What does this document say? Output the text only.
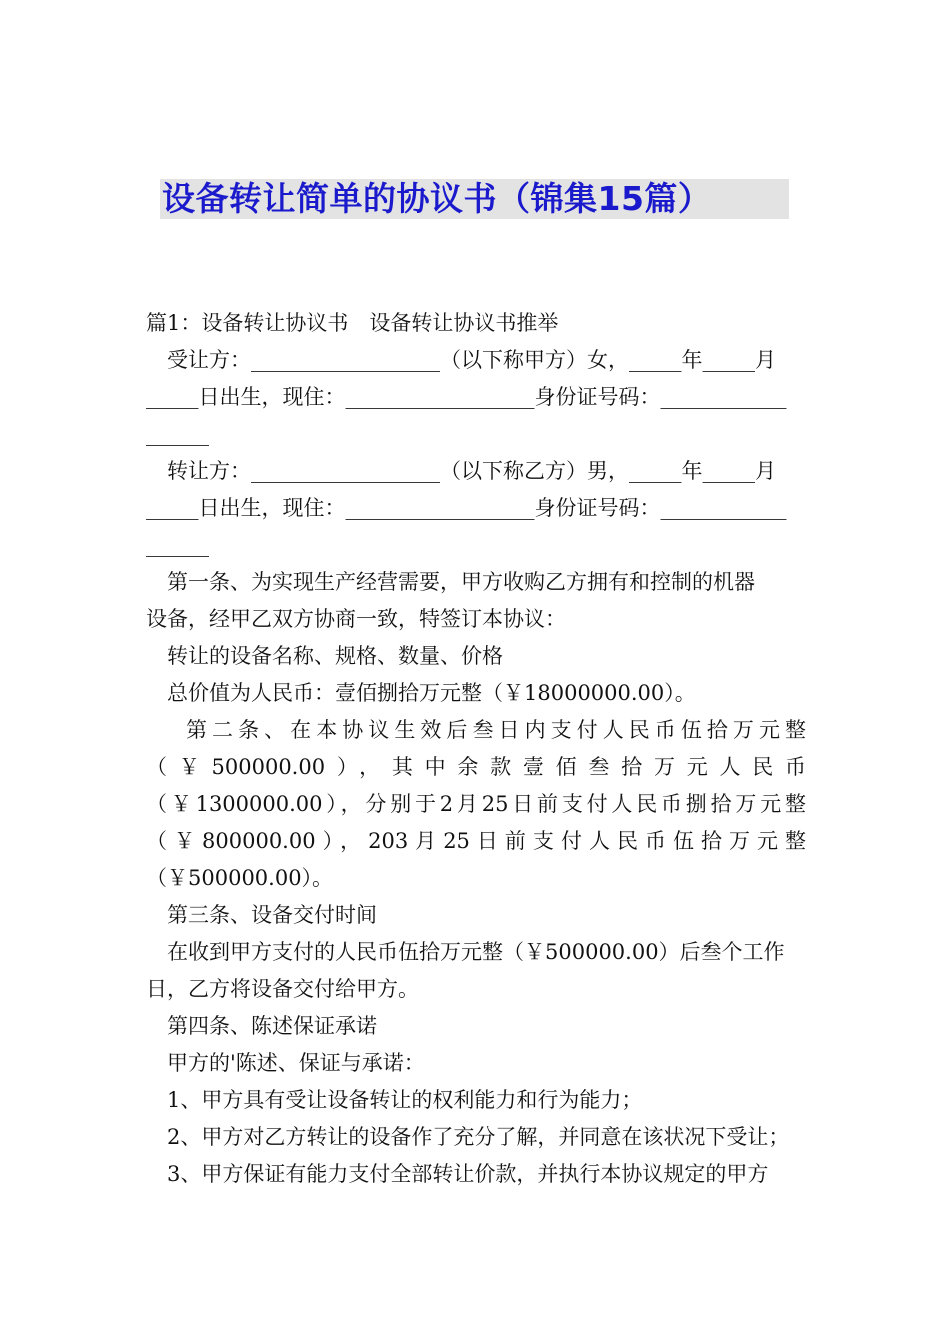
设备转让简单的协议书（锦集15篇）

篇1：设备转让协议书　设备转让协议书推举

受让方：__________________（以下称甲方）女，_____年_____月

_____日出生，现住：__________________身份证号码：____________

______

转让方：__________________（以下称乙方）男，_____年_____月

_____日出生，现住：__________________身份证号码：____________

______

第一条、为实现生产经营需要，甲方收购乙方拥有和控制的机器

设备，经甲乙双方协商一致，特签订本协议：

转让的设备名称、规格、数量、价格

总价值为人民币：壹佰捌拾万元整（￥18000000.00）。

第二条、在本协议生效后叁日内支付人民币伍拾万元整

（￥500000.00），其中余款壹佰叁拾万元人民币

（￥1300000.00），分别于2月25日前支付人民币捌拾万元整

（￥800000.00），203月25日前支付人民币伍拾万元整

（￥500000.00）。

第三条、设备交付时间

在收到甲方支付的人民币伍拾万元整（￥500000.00）后叁个工作

日，乙方将设备交付给甲方。

第四条、陈述保证承诺

甲方的'陈述、保证与承诺：

1、甲方具有受让设备转让的权利能力和行为能力；

2、甲方对乙方转让的设备作了充分了解，并同意在该状况下受让；

3、甲方保证有能力支付全部转让价款，并执行本协议规定的甲方
